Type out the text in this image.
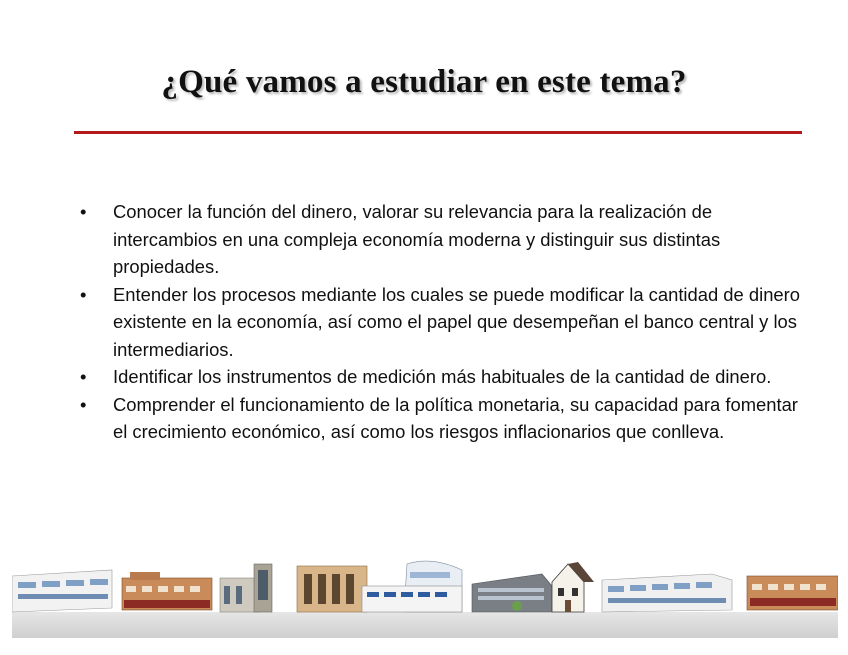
¿Qué vamos a estudiar en este tema?
•	Conocer la función del dinero, valorar su relevancia para la realización de intercambios en una compleja economía moderna y distinguir sus distintas propiedades.
•	Entender los procesos mediante los cuales se puede modificar la cantidad de dinero existente en la economía, así como el papel que desempeñan el banco central y los intermediarios.
•	Identificar los instrumentos de medición más habituales de la cantidad de dinero.
•	Comprender el funcionamiento de la política monetaria, su capacidad para fomentar el crecimiento económico, así como los riesgos inflacionarios que conlleva.
